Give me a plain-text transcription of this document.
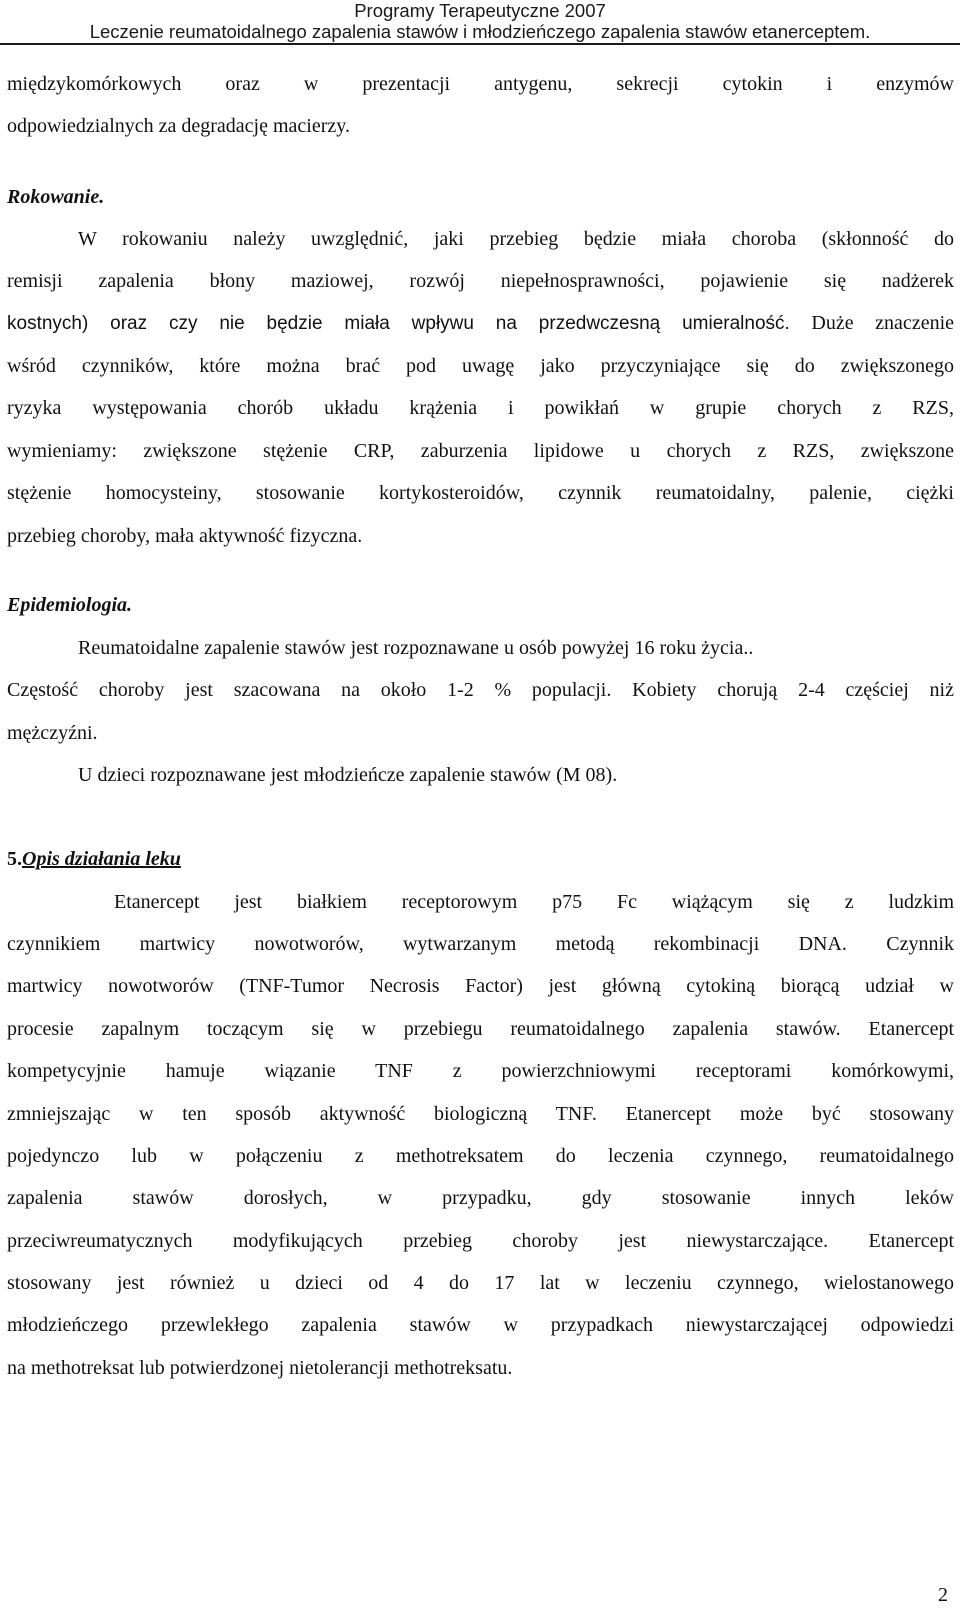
Programy Terapeutyczne 2007
Leczenie reumatoidalnego zapalenia stawów i młodzieńczego zapalenia stawów etanerceptem.

międzykomórkowych oraz w prezentacji antygenu, sekrecji cytokin i enzymów

odpowiedzialnych za degradację macierzy.

Rokowanie.

W rokowaniu należy uwzględnić, jaki przebieg będzie miała choroba (skłonność do

remisji zapalenia błony maziowej, rozwój niepełnosprawności, pojawienie się nadżerek

kostnych) oraz czy nie będzie miała wpływu na przedwczesną umieralność. Duże znaczenie

wśród czynników, które można brać pod uwagę jako przyczyniające się do zwiększonego

ryzyka występowania chorób układu krążenia i powikłań w grupie chorych z RZS,

wymieniamy: zwiększone stężenie CRP, zaburzenia lipidowe u chorych z RZS, zwiększone

stężenie homocysteiny, stosowanie kortykosteroidów, czynnik reumatoidalny, palenie, ciężki

przebieg choroby, mała aktywność fizyczna.

Epidemiologia.

Reumatoidalne zapalenie stawów jest rozpoznawane u osób powyżej 16 roku życia..

Częstość choroby jest szacowana na około 1-2 % populacji. Kobiety chorują 2-4 częściej niż

mężczyźni.

U dzieci rozpoznawane jest młodzieńcze zapalenie stawów (M 08).

5.Opis działania leku

Etanercept jest białkiem receptorowym p75 Fc wiążącym się z ludzkim

czynnikiem martwicy nowotworów, wytwarzanym metodą rekombinacji DNA. Czynnik

martwicy nowotworów (TNF-Tumor Necrosis Factor) jest główną cytokiną biorącą udział w

procesie zapalnym toczącym się w przebiegu reumatoidalnego zapalenia stawów. Etanercept

kompetycyjnie hamuje wiązanie TNF z powierzchniowymi receptorami komórkowymi,

zmniejszając w ten sposób aktywność biologiczną TNF. Etanercept może być stosowany

pojedynczo lub w połączeniu z methotreksatem do leczenia czynnego, reumatoidalnego

zapalenia stawów dorosłych, w przypadku, gdy stosowanie innych leków

przeciwreumatycznych modyfikujących przebieg choroby jest niewystarczające. Etanercept

stosowany jest również u dzieci od 4 do 17 lat w leczeniu czynnego, wielostanowego

młodzieńczego przewlekłego zapalenia stawów w przypadkach niewystarczającej odpowiedzi

na methotreksat lub potwierdzonej nietolerancji methotreksatu.

2
